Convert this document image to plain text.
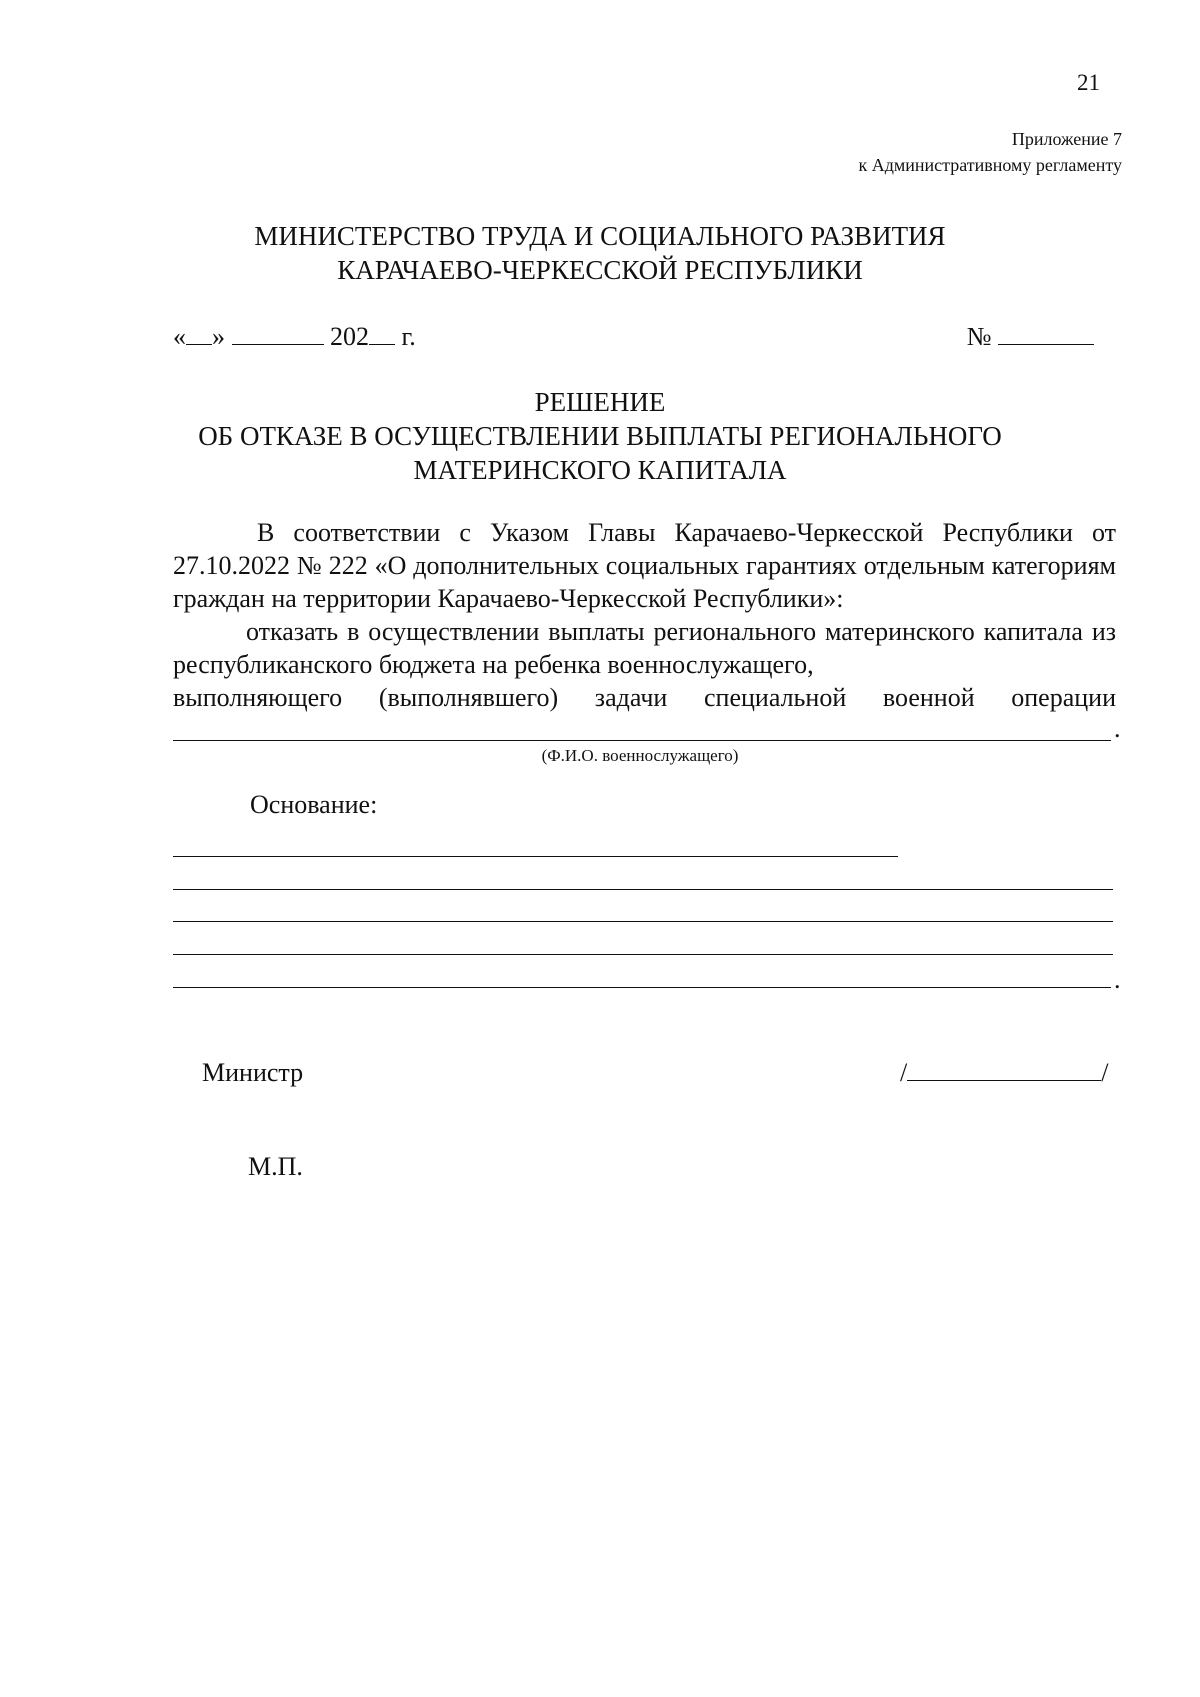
21
Приложение 7
к Административному регламенту
МИНИСТЕРСТВО ТРУДА И СОЦИАЛЬНОГО РАЗВИТИЯ
КАРАЧАЕВО-ЧЕРКЕССКОЙ РЕСПУБЛИКИ
« »	202 г.	№
РЕШЕНИЕ
ОБ ОТКАЗЕ В ОСУЩЕСТВЛЕНИИ ВЫПЛАТЫ РЕГИОНАЛЬНОГО
МАТЕРИНСКОГО КАПИТАЛА
В соответствии с Указом Главы Карачаево-Черкесской Республики от 27.10.2022 № 222 «О дополнительных социальных гарантиях отдельным категориям граждан на территории Карачаево-Черкесской Республики»:
отказать в осуществлении выплаты регионального материнского капитала из республиканского бюджета на ребенка военнослужащего,
выполняющего (выполнявшего) задачи специальной военной операции
.
(Ф.И.О. военнослужащего)
Основание:
.
Министр	/	/
М.П.
